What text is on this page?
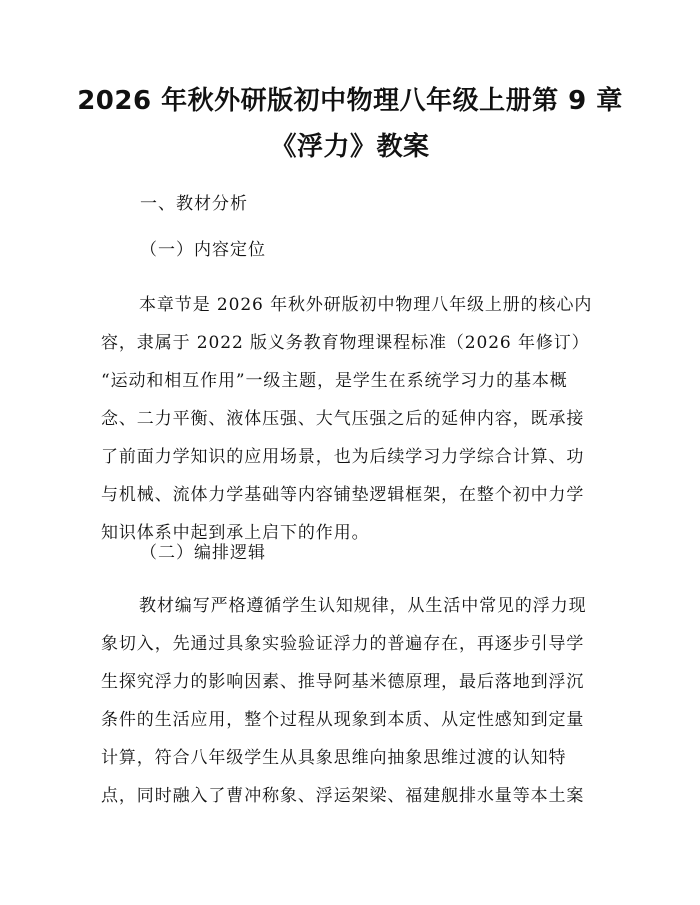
2026 年秋外研版初中物理八年级上册第 9 章
《浮力》教案
一、教材分析
（一）内容定位
本章节是 2026 年秋外研版初中物理八年级上册的核心内
容，隶属于 2022 版义务教育物理课程标准（2026 年修订）
“运动和相互作用”一级主题，是学生在系统学习力的基本概
念、二力平衡、液体压强、大气压强之后的延伸内容，既承接
了前面力学知识的应用场景，也为后续学习力学综合计算、功
与机械、流体力学基础等内容铺垫逻辑框架，在整个初中力学
知识体系中起到承上启下的作用。
（二）编排逻辑
教材编写严格遵循学生认知规律，从生活中常见的浮力现
象切入，先通过具象实验验证浮力的普遍存在，再逐步引导学
生探究浮力的影响因素、推导阿基米德原理，最后落地到浮沉
条件的生活应用，整个过程从现象到本质、从定性感知到定量
计算，符合八年级学生从具象思维向抽象思维过渡的认知特
点，同时融入了曹冲称象、浮运架梁、福建舰排水量等本土案
